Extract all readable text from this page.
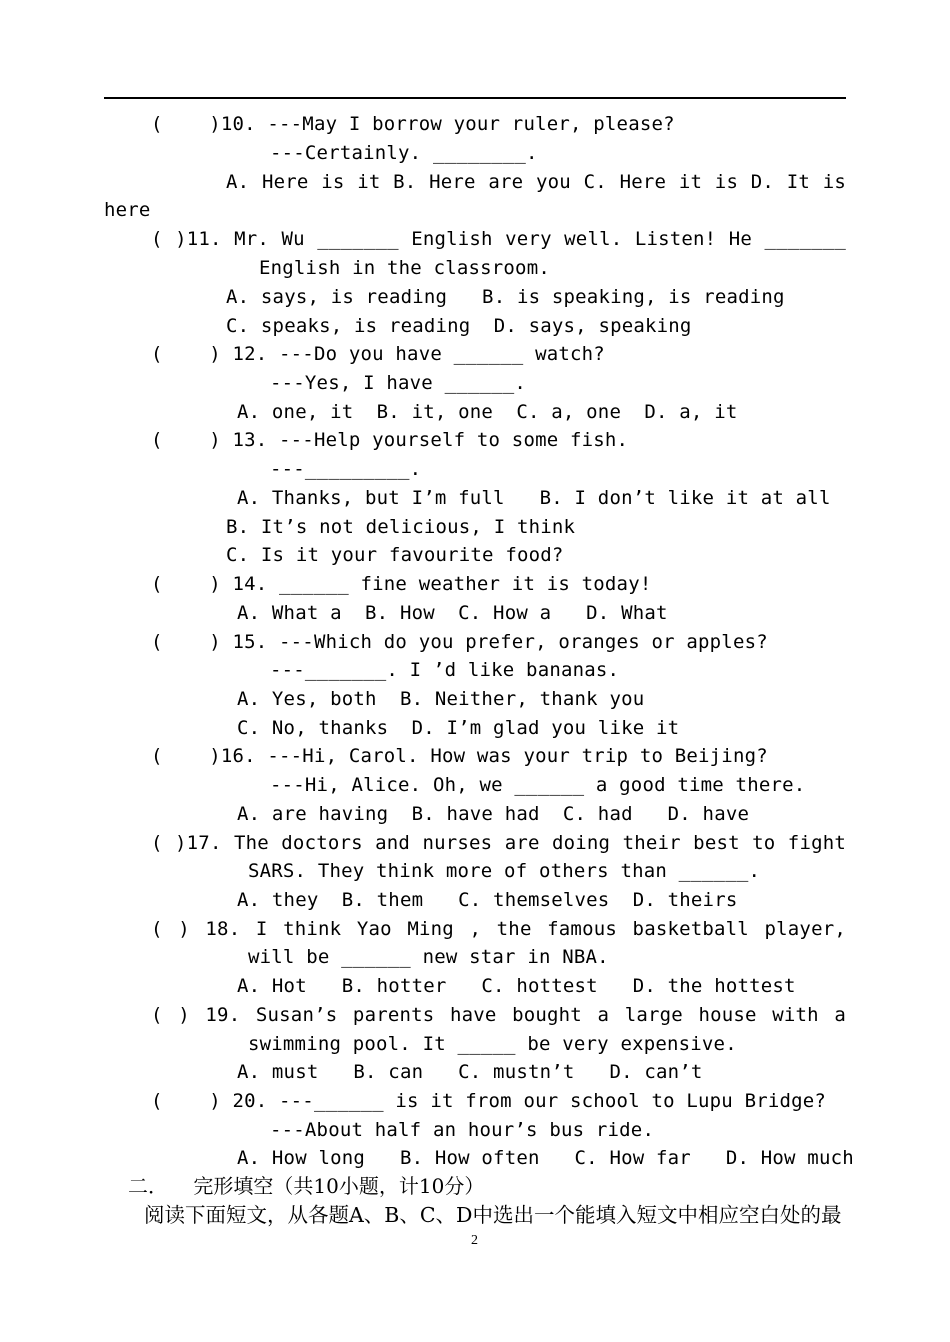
(    )10. ---May I borrow your ruler, please?
---Certainly. ________.
A. Here is it B. Here are you C. Here it is D. It is
here
( )11. Mr. Wu _______ English very well. Listen! He _______
English in the classroom.
A. says, is reading   B. is speaking, is reading
C. speaks, is reading  D. says, speaking
(    ) 12. ---Do you have ______ watch?
---Yes, I have ______.
A. one, it  B. it, one  C. a, one  D. a, it
(    ) 13. ---Help yourself to some fish.
---_________.
A. Thanks, but I’m full   B. I don’t like it at all
B. It’s not delicious, I think
C. Is it your favourite food?
(    ) 14. ______ fine weather it is today!
A. What a  B. How  C. How a   D. What
(    ) 15. ---Which do you prefer, oranges or apples?
---_______. I ’d like bananas.
A. Yes, both  B. Neither, thank you
C. No, thanks  D. I’m glad you like it
(    )16. ---Hi, Carol. How was your trip to Beijing?
---Hi, Alice. Oh, we ______ a good time there.
A. are having  B. have had  C. had   D. have
( )17. The doctors and nurses are doing their best to fight
SARS. They think more of others than ______.
A. they  B. them   C. themselves  D. theirs
( ) 18. I think Yao Ming , the famous basketball player,
will be ______ new star in NBA.
A. Hot   B. hotter   C. hottest   D. the hottest
( ) 19. Susan’s parents have bought a large house with a
swimming pool. It _____ be very expensive.
A. must   B. can   C. mustn’t   D. can’t
(    ) 20. ---______ is it from our school to Lupu Bridge?
---About half an hour’s bus ride.
A. How long   B. How often   C. How far   D. How much
二．    完形填空（共10小题，计10分）
阅读下面短文，从各题A、B、C、D中选出一个能填入短文中相应空白处的最
2
